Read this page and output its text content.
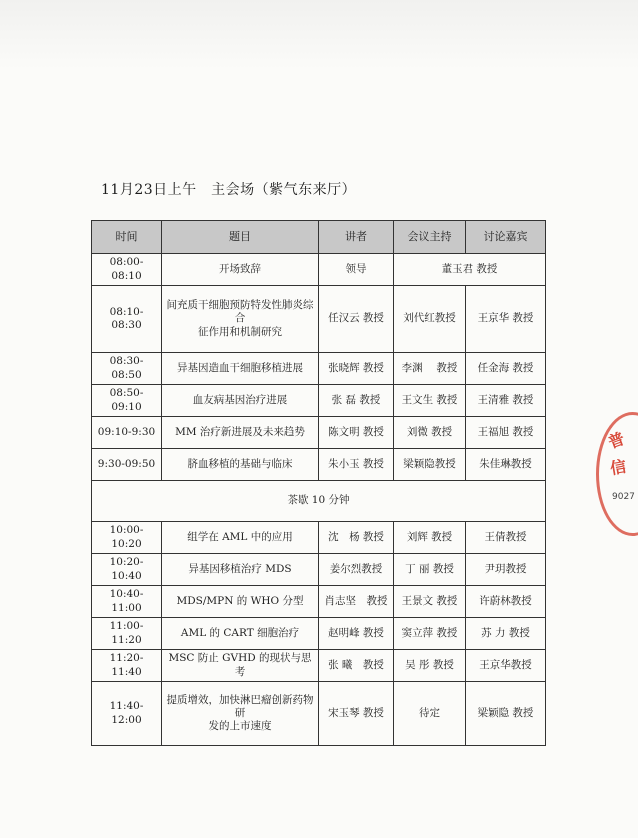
11月23日上午　主会场（紫气东来厅）
时间	题目	讲者	会议主持	讨论嘉宾
08:00-08:10	开场致辞	领导	董玉君 教授	
08:10-08:30	间充质干细胞预防特发性肺炎综合
征作用和机制研究	任汉云 教授	刘代红教授	王京华 教授
08:30-08:50	异基因造血干细胞移植进展	张晓辉 教授	李渊　 教授	任金海 教授
08:50-09:10	血友病基因治疗进展	张 磊 教授	王文生 教授	王清雅 教授
09:10-9:30	MM 治疗新进展及未来趋势	陈文明 教授	刘微 教授	王福旭 教授
9:30-09:50	脐血移植的基础与临床	朱小玉 教授	梁颖隐教授	朱佳琳教授
茶歇 10 分钟				
10:00-10:20	组学在 AML 中的应用	沈　杨 教授	刘辉 教授	王倩教授
10:20-10:40	异基因移植治疗 MDS	姜尔烈教授	丁 丽 教授	尹玥教授
10:40-11:00	MDS/MPN 的 WHO 分型	肖志坚　教授	王景文 教授	许蔚林教授
11:00-11:20	AML 的 CART 细胞治疗	赵明峰 教授	窦立萍 教授	苏 力 教授
11:20-11:40	MSC 防止 GVHD 的现状与思考	张 曦　教授	吴 彤 教授	王京华教授
11:40-12:00	提质增效，加快淋巴瘤创新药物研
发的上市速度	宋玉琴 教授	待定	梁颖隐 教授
普
信
9027
